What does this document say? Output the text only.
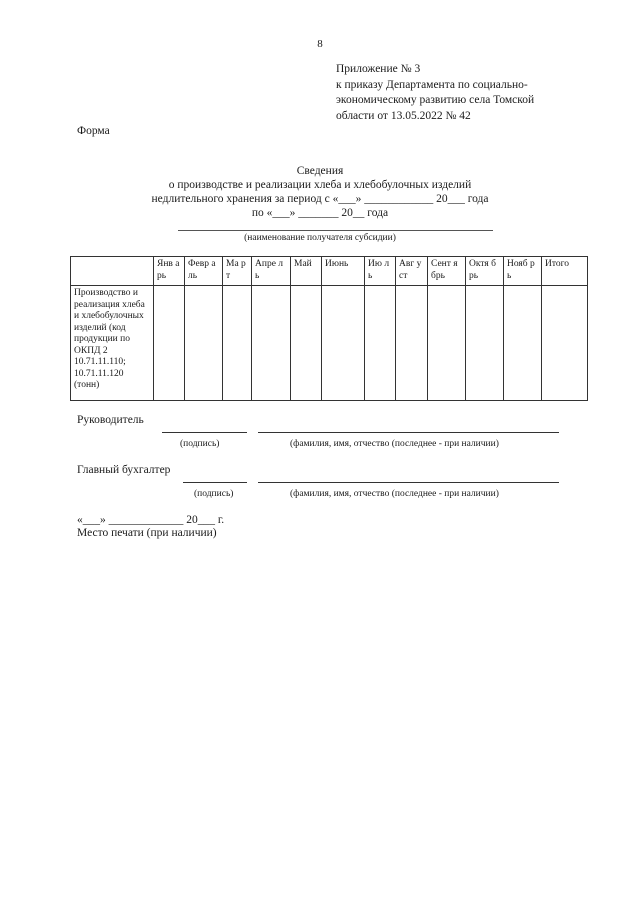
8
Приложение № 3
к приказу Департамента по социально-
экономическому развитию села Томской
области от 13.05.2022 № 42
Форма
Сведения
о производстве и реализации хлеба и хлебобулочных изделий
недлительного хранения за период с «___» ____________ 20___ года
по «___» _______ 20__ года
(наименование получателя субсидии)
	Янв арь	Февр аль	Ма рт	Апре ль	Май	Июнь	Ию ль	Авг уст	Сент ябрь	Октя брь	Нояб рь	Итого
Производство и реализация хлеба и хлебобулочных изделий (код продукции по ОКПД 2 10.71.11.110; 10.71.11.120 (тонн)												
Руководитель
(подпись)	(фамилия, имя, отчество (последнее - при наличии)
Главный бухгалтер
(подпись)	(фамилия, имя, отчество (последнее - при наличии)
«___» _____________ 20___ г.
Место печати (при наличии)
